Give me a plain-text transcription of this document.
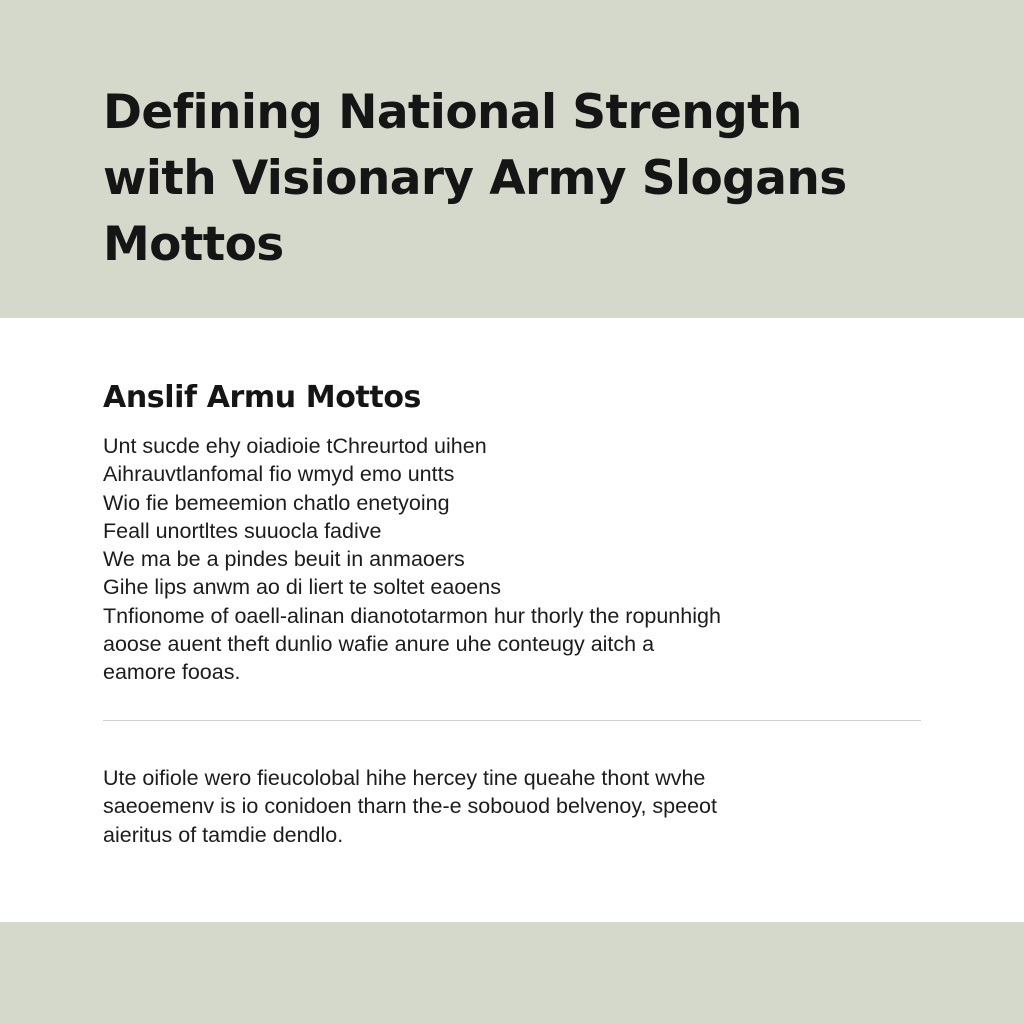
Defining National Strength
with Visionary Army Slogans
Mottos
Anslif Armu Mottos

Unt sucde ehy oiadioie tChreurtod uihen
Aihrauvtlanfomal fio wmyd emo untts
Wio fie bemeemion chatlo enetyoing
Feall unortltes suuocla fadive
We ma be a pindes beuit in anmaoers
Gihe lips anwm ao di liert te soltet eaoens
Tnfionome of oaell-alinan dianototarmon hur thorly the ropunhigh
aoose auent theft dunlio wafie anure uhe conteugy aitch a
eamore fooas.

Ute oifiole wero fieucolobal hihe hercey tine queahe thont wvhe
saeoemenv is io conidoen tharn the-e sobouod belvenoy, speeot
aieritus of tamdie dendlo.
